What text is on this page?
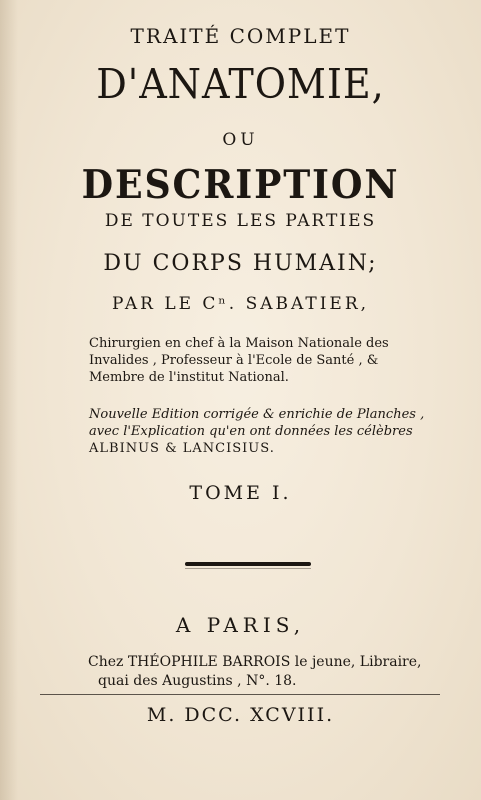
TRAITÉ COMPLET
D'ANATOMIE,
OU
DESCRIPTION
DE TOUTES LES PARTIES
DU CORPS HUMAIN;
PAR LE Cⁿ. SABATIER,
Chirurgien en chef à la Maison Nationale des
Invalides , Professeur à l'Ecole de Santé , &
Membre de l'institut National.
Nouvelle Edition corrigée & enrichie de Planches ,
avec l'Explication qu'en ont données les célèbres
ALBINUS & LANCISIUS.
TOME I.
A PARIS,
Chez THÉOPHILE BARROIS le jeune, Libraire,
quai des Augustins , N°. 18.
M. DCC. XCVIII.
